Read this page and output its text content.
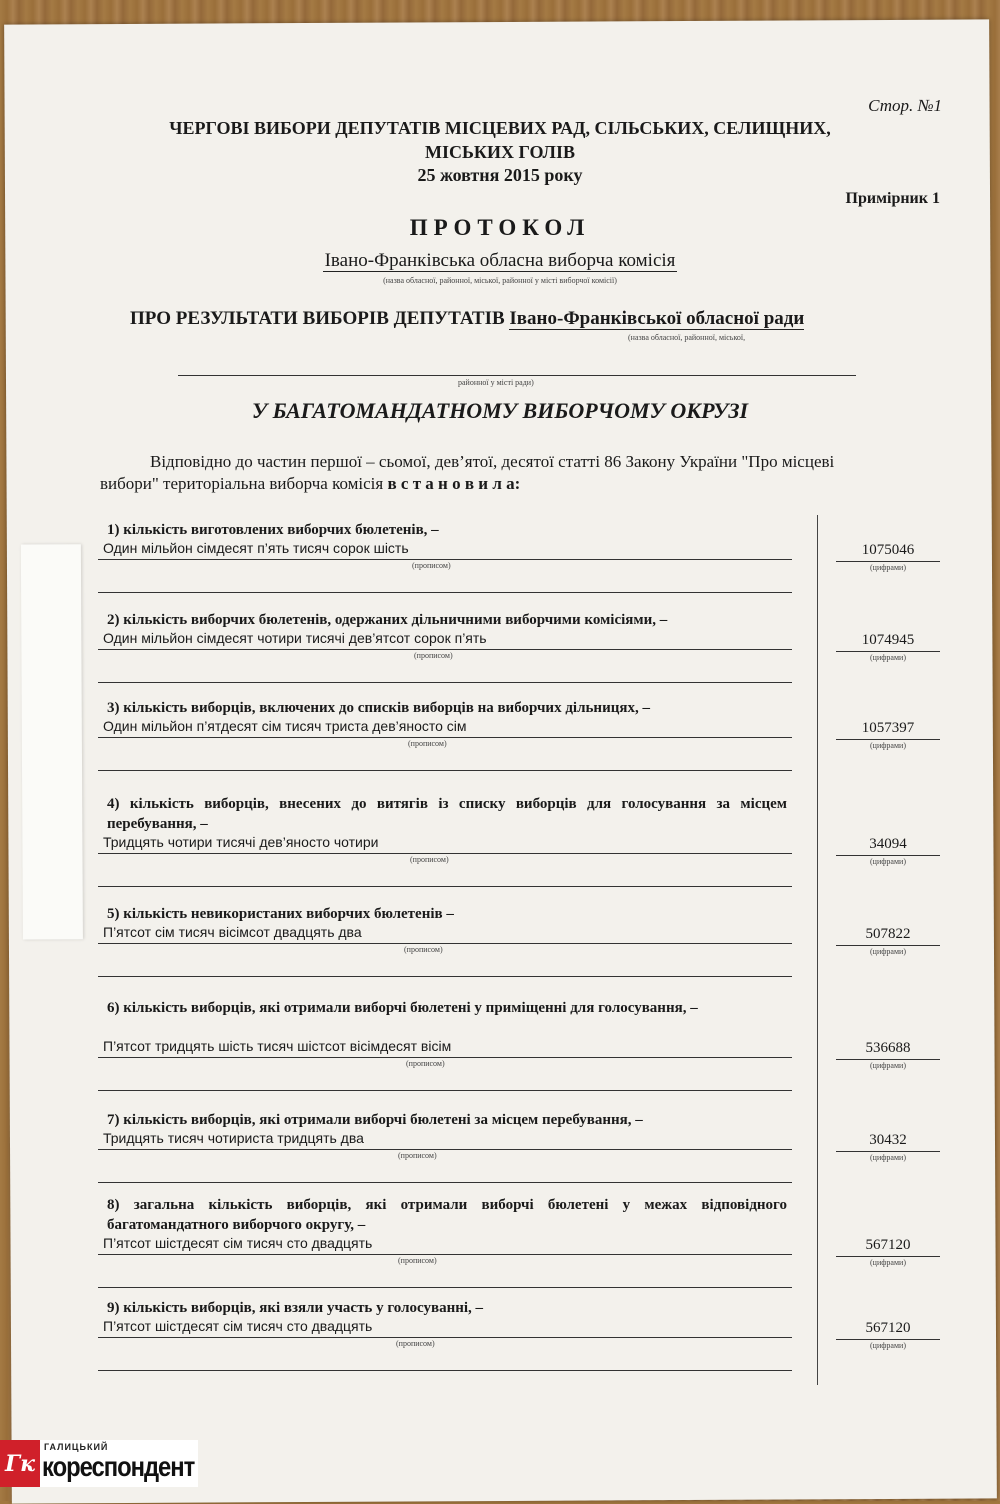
Стор. №1
ЧЕРГОВІ ВИБОРИ ДЕПУТАТІВ МІСЦЕВИХ РАД, СІЛЬСЬКИХ, СЕЛИЩНИХ,
МІСЬКИХ ГОЛІВ
25 жовтня 2015 року
Примірник 1
ПРОТОКОЛ
Івано-Франківська обласна виборча комісія
(назва обласної, районної, міської, районної у місті виборчої комісії)
ПРО РЕЗУЛЬТАТИ ВИБОРІВ ДЕПУТАТІВ Івано-Франківської обласної ради
(назва обласної, районної, міської,
районної у місті ради)
У БАГАТОМАНДАТНОМУ ВИБОРЧОМУ ОКРУЗІ
Відповідно до частин першої – сьомої, дев’ятої, десятої статті 86 Закону України "Про місцеві
вибори" територіальна виборча комісія в с т а н о в и л а:
1) кількість виготовлених виборчих бюлетенів, –
Один мільйон сімдесят п’ять тисяч сорок шість
(прописом)
1075046
(цифрами)
2) кількість виборчих бюлетенів, одержаних дільничними виборчими комісіями, –
Один мільйон сімдесят чотири тисячі дев’ятсот сорок п’ять
(прописом)
1074945
(цифрами)
3) кількість виборців, включених до списків виборців на виборчих дільницях, –
Один мільйон п’ятдесят сім тисяч триста дев’яносто сім
(прописом)
1057397
(цифрами)
4) кількість виборців, внесених до витягів із списку виборців для голосування за місцем перебування, –
Тридцять чотири тисячі дев’яносто чотири
(прописом)
34094
(цифрами)
5) кількість невикористаних виборчих бюлетенів –
П’ятсот сім тисяч вісімсот двадцять два
(прописом)
507822
(цифрами)
6) кількість виборців, які отримали виборчі бюлетені у приміщенні для голосування, –
П’ятсот тридцять шість тисяч шістсот вісімдесят вісім
(прописом)
536688
(цифрами)
7) кількість виборців, які отримали виборчі бюлетені за місцем перебування, –
Тридцять тисяч чотириста тридцять два
(прописом)
30432
(цифрами)
8) загальна кількість виборців, які отримали виборчі бюлетені у межах відповідного багатомандатного виборчого округу, –
П’ятсот шістдесят сім тисяч сто двадцять
(прописом)
567120
(цифрами)
9) кількість виборців, які взяли участь у голосуванні, –
П’ятсот шістдесят сім тисяч сто двадцять
(прописом)
567120
(цифрами)
Гк
ГАЛИЦЬКИЙ
кореспондент
